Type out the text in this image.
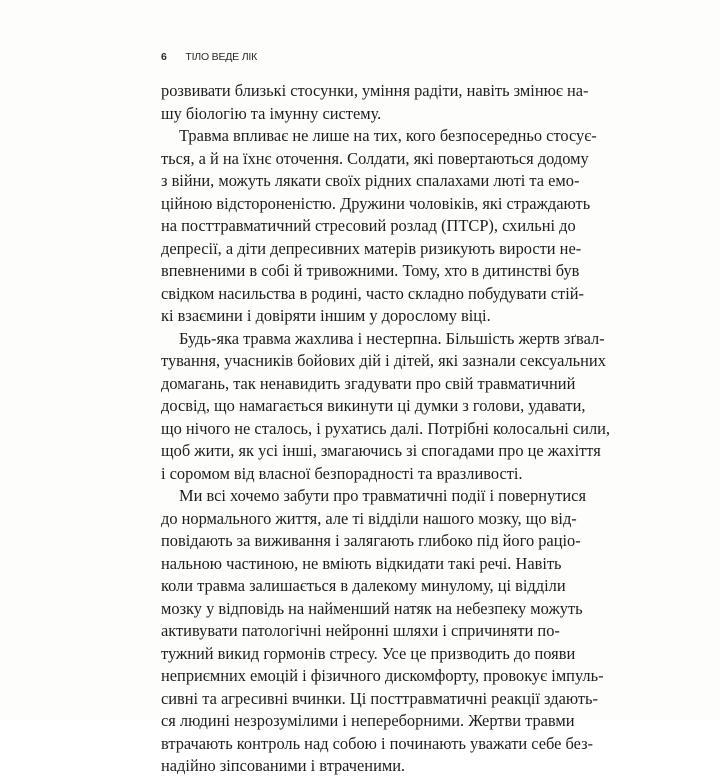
6 ТІЛО ВЕДЕ ЛІК
розвивати близькі стосунки, уміння радіти, навіть змінює на-
шу біологію та імунну систему.
Травма впливає не лише на тих, кого безпосередньо стосує-
ться, а й на їхнє оточення. Солдати, які повертаються додому
з війни, можуть лякати своїх рідних спалахами люті та емо-
ційною відстороненістю. Дружини чоловіків, які страждають
на посттравматичний стресовий розлад (ПТСР), схильні до
депресії, а діти депресивних матерів ризикують вирости не-
впевненими в собі й тривожними. Тому, хто в дитинстві був
свідком насильства в родині, часто складно побудувати стій-
кі взаємини і довіряти іншим у дорослому віці.
Будь-яка травма жахлива і нестерпна. Більшість жертв зґвал-
тування, учасників бойових дій і дітей, які зазнали сексуальних
домагань, так ненавидить згадувати про свій травматичний
досвід, що намагається викинути ці думки з голови, удавати,
що нічого не сталось, і рухатись далі. Потрібні колосальні сили,
щоб жити, як усі інші, змагаючись зі спогадами про це жахіття
і соромом від власної безпорадності та вразливості.
Ми всі хочемо забути про травматичні події і повернутися
до нормального життя, але ті відділи нашого мозку, що від-
повідають за виживання і залягають глибоко під його раціо-
нальною частиною, не вміють відкидати такі речі. Навіть
коли травма залишається в далекому минулому, ці відділи
мозку у відповідь на найменший натяк на небезпеку можуть
активувати патологічні нейронні шляхи і спричиняти по-
тужний викид гормонів стресу. Усе це призводить до появи
неприємних емоцій і фізичного дискомфорту, провокує імпуль-
сивні та агресивні вчинки. Ці посттравматичні реакції здають-
ся людині незрозумілими і непереборними. Жертви травми
втрачають контроль над собою і починають уважати себе без-
надійно зіпсованими і втраченими.
